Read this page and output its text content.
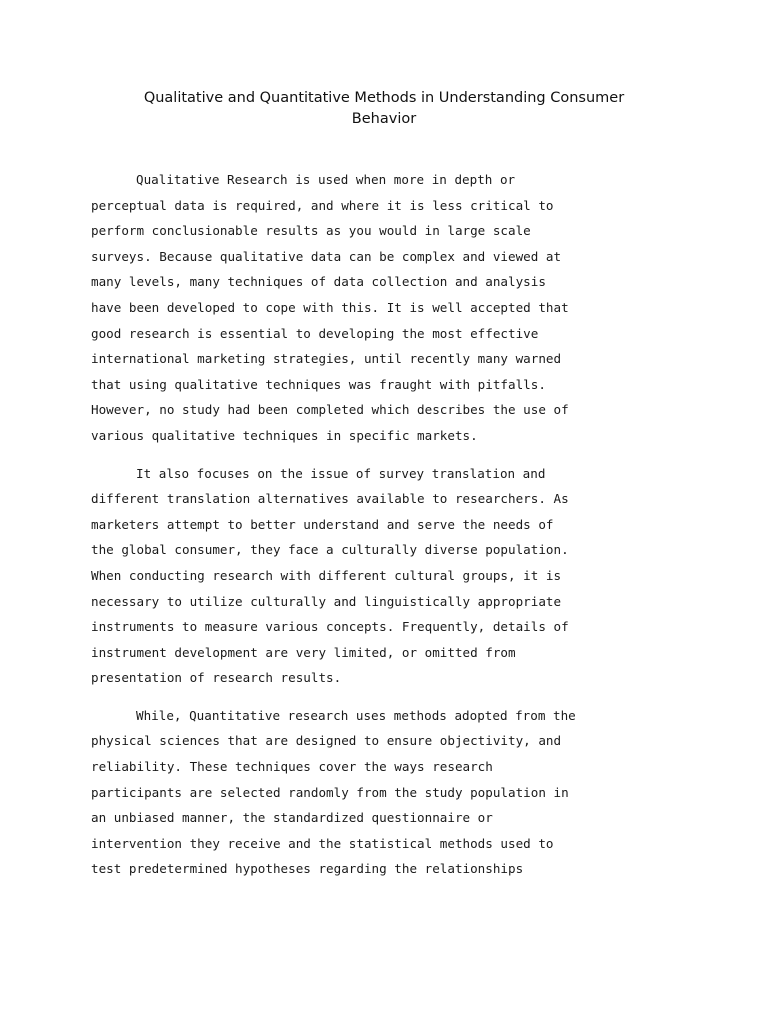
Qualitative and Quantitative Methods in Understanding Consumer
Behavior
Qualitative Research is used when more in depth or
perceptual data is required, and where it is less critical to
perform conclusionable results as you would in large scale
surveys. Because qualitative data can be complex and viewed at
many levels, many techniques of data collection and analysis
have been developed to cope with this. It is well accepted that
good research is essential to developing the most effective
international marketing strategies, until recently many warned
that using qualitative techniques was fraught with pitfalls.
However, no study had been completed which describes the use of
various qualitative techniques in specific markets.
It also focuses on the issue of survey translation and
different translation alternatives available to researchers. As
marketers attempt to better understand and serve the needs of
the global consumer, they face a culturally diverse population.
When conducting research with different cultural groups, it is
necessary to utilize culturally and linguistically appropriate
instruments to measure various concepts. Frequently, details of
instrument development are very limited, or omitted from
presentation of research results.
While, Quantitative research uses methods adopted from the
physical sciences that are designed to ensure objectivity, and
reliability. These techniques cover the ways research
participants are selected randomly from the study population in
an unbiased manner, the standardized questionnaire or
intervention they receive and the statistical methods used to
test predetermined hypotheses regarding the relationships
